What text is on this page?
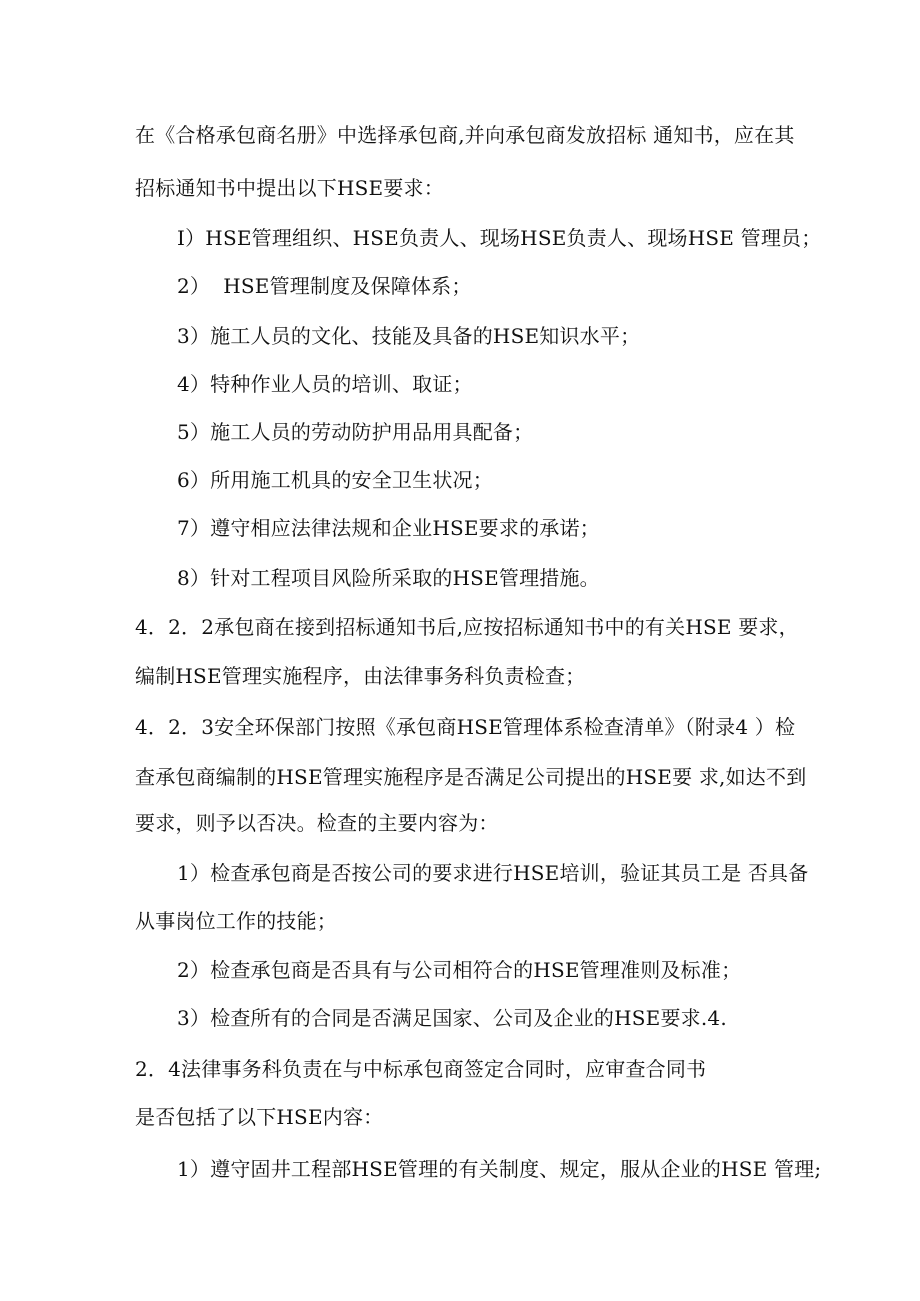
在《合格承包商名册》中选择承包商,并向承包商发放招标 通知书，应在其
招标通知书中提出以下HSE要求：
I）HSE管理组织、HSE负责人、现场HSE负责人、现场HSE 管理员；
2）  HSE管理制度及保障体系；
3）施工人员的文化、技能及具备的HSE知识水平；
4）特种作业人员的培训、取证；
5）施工人员的劳动防护用品用具配备；
6）所用施工机具的安全卫生状况；
7）遵守相应法律法规和企业HSE要求的承诺；
8）针对工程项目风险所采取的HSE管理措施。
4．2．2承包商在接到招标通知书后,应按招标通知书中的有关HSE 要求，
编制HSE管理实施程序，由法律事务科负责检查；
4．2．3安全环保部门按照《承包商HSE管理体系检查清单》（附录4 ）检
查承包商编制的HSE管理实施程序是否满足公司提出的HSE要 求,如达不到
要求，则予以否决。检查的主要内容为：
1）检查承包商是否按公司的要求进行HSE培训，验证其员工是 否具备
从事岗位工作的技能；
2）检查承包商是否具有与公司相符合的HSE管理准则及标准；
3）检查所有的合同是否满足国家、公司及企业的HSE要求.4.
2．4法律事务科负责在与中标承包商签定合同时，应审查合同书
是否包括了以下HSE内容：
1）遵守固井工程部HSE管理的有关制度、规定，服从企业的HSE 管理;
